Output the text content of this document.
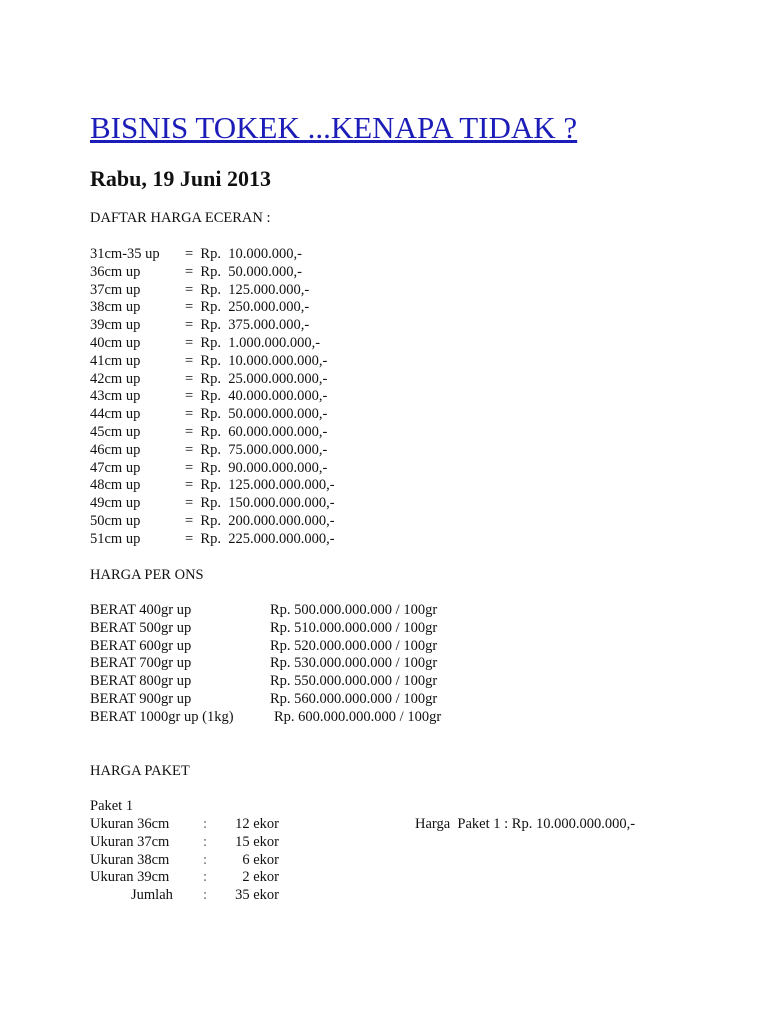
BISNIS TOKEK ...KENAPA TIDAK ?
Rabu, 19 Juni 2013
DAFTAR HARGA ECERAN :
HARGA PER ONS
HARGA PAKET
Paket 1
Harga  Paket 1 : Rp. 10.000.000.000,-
31cm-35 up =  Rp.  10.000.000,-
36cm up	=  Rp.  50.000.000,-
37cm up	=  Rp.  125.000.000,-
38cm up	=  Rp.  250.000.000,-
39cm up	=  Rp.  375.000.000,-
40cm up	=  Rp.  1.000.000.000,-
41cm up	=  Rp.  10.000.000.000,-
42cm up	=  Rp.  25.000.000.000,-
43cm up	=  Rp.  40.000.000.000,-
44cm up	=  Rp.  50.000.000.000,-
45cm up	=  Rp.  60.000.000.000,-
46cm up	=  Rp.  75.000.000.000,-
47cm up	=  Rp.  90.000.000.000,-
48cm up	=  Rp.  125.000.000.000,-
49cm up	=  Rp.  150.000.000.000,-
50cm up	=  Rp.  200.000.000.000,-
51cm up	=  Rp.  225.000.000.000,-
BERAT 400gr up	Rp. 500.000.000.000 / 100gr
BERAT 500gr up	Rp. 510.000.000.000 / 100gr
BERAT 600gr up	Rp. 520.000.000.000 / 100gr
BERAT 700gr up	Rp. 530.000.000.000 / 100gr
BERAT 800gr up	Rp. 550.000.000.000 / 100gr
BERAT 900gr up	Rp. 560.000.000.000 / 100gr
BERAT 1000gr up (1kg)	Rp. 600.000.000.000 / 100gr
Ukuran 36cm : 12 ekor
Ukuran 37cm : 15 ekor
Ukuran 38cm : 6 ekor
Ukuran 39cm : 2 ekor
Jumlah : 35 ekor
